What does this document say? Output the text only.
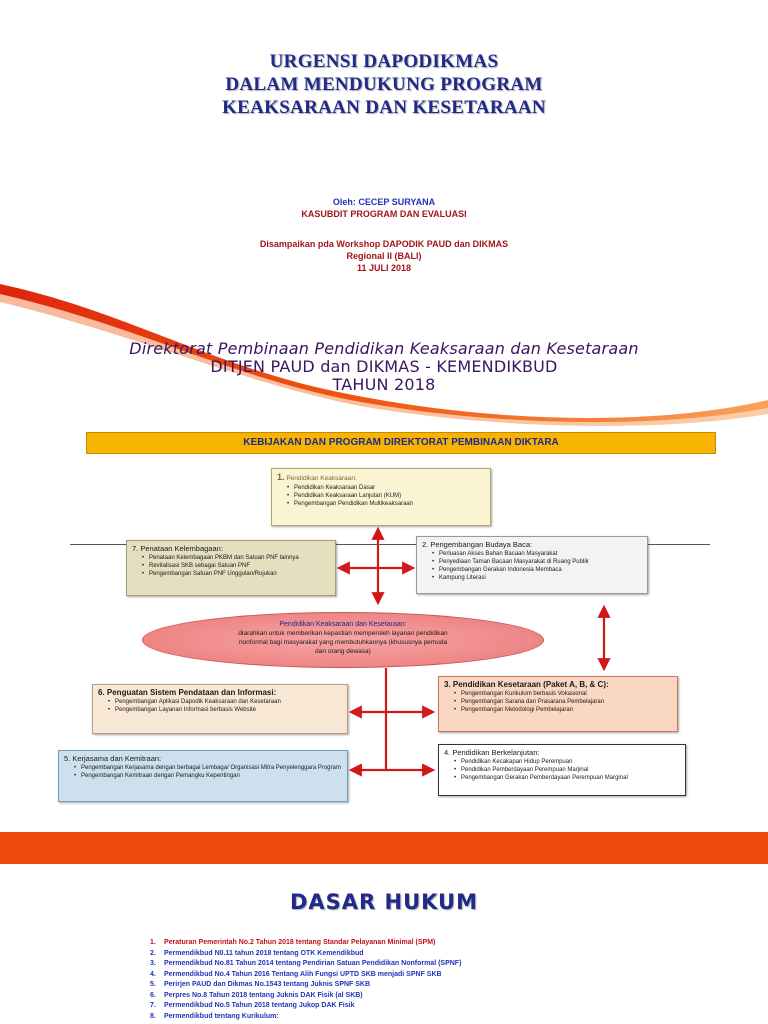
URGENSI DAPODIKMAS
DALAM MENDUKUNG PROGRAM
KEAKSARAAN DAN KESETARAAN
Oleh: CECEP SURYANA
KASUBDIT PROGRAM DAN EVALUASI
Disampaikan pda Workshop DAPODIK PAUD dan DIKMAS
Regional II (BALI)
11 JULI 2018
Direktorat Pembinaan Pendidikan Keaksaraan dan Kesetaraan
DITJEN PAUD dan DIKMAS - KEMENDIKBUD
TAHUN 2018
KEBIJAKAN DAN PROGRAM DIREKTORAT PEMBINAAN DIKTARA
1. Pendidikan Keaksaraan:
• Pendidikan Keaksaraan Dasar
• Pendidikan Keaksaraan Lanjutan (KUM)
• Pengembangan Pendidikan Multikeaksaraan
7. Penataan Kelembagaan:
• Penataan Kelembagaan PKBM dan Satuan PNF lainnya
• Revitalisasi SKB sebagai Satuan PNF
• Pengembangan Satuan PNF Unggulan/Rujukan
2. Pengembangan Budaya Baca:
• Perluasan Akses Bahan Bacaan Masyarakat
• Penyediaan Taman Bacaan Masyarakat di Ruang Publik
• Pengembangan Gerakan Indonesia Membaca
• Kampung Literasi
Pendidikan Keaksaraan dan Kesetaraan:
diarahkan untuk memberikan kepastian memperoleh layanan pendidikan
nonformal bagi masyarakat yang membutuhkannya (khususnya pemuda
dan orang dewasa)
6. Penguatan Sistem Pendataan dan Informasi:
• Pengembangan Aplikasi Dapodik Keaksaraan dan Kesetaraan
• Pengembangan Layanan Informasi berbasis Website
3. Pendidikan Kesetaraan (Paket A, B, & C):
• Pengembangan Kurikulum berbasis Vokasional
• Pengembangan Sarana dan Prasarana Pembelajaran
• Pengembangan Metodologi Pembelajaran
5. Kerjasama dan Kemitraan:
• Pengembangan Kerjasama dengan berbagai Lembaga/ Organisasi Mitra Penyelenggara Program
• Pengembangan Kemitraan dengan Pemangku Kepentingan
4. Pendidikan Berkelanjutan:
• Pendidikan Kecakapan Hidup Perempuan
• Pendidikan Pemberdayaan Perempuan Marjinal
• Pengembangan Gerakan Pemberdayaan Perempuan Marginal
DASAR HUKUM
1. Peraturan Pemerintah No.2 Tahun 2018 tentang Standar Pelayanan Minimal (SPM)
2. Permendikbud N0.11 tahun 2018 tentang OTK Kemendikbud
3. Permendikbud No.81 Tahun 2014 tentang Pendirian Satuan Pendidikan Nonformal (SPNF)
4. Permendikbud No.4 Tahun 2016 Tentang Alih Fungsi UPTD SKB menjadi SPNF SKB
5. Perirjen PAUD dan Dikmas No.1543 tentang Juknis SPNF SKB
6. Perpres No.8 Tahun 2018 tentang Juknis DAK Fisik (al SKB)
7. Permendikbud No.5 Tahun 2018 tentang Jukop DAK Fisik
8. Permendikbud tentang Kurikulum:
